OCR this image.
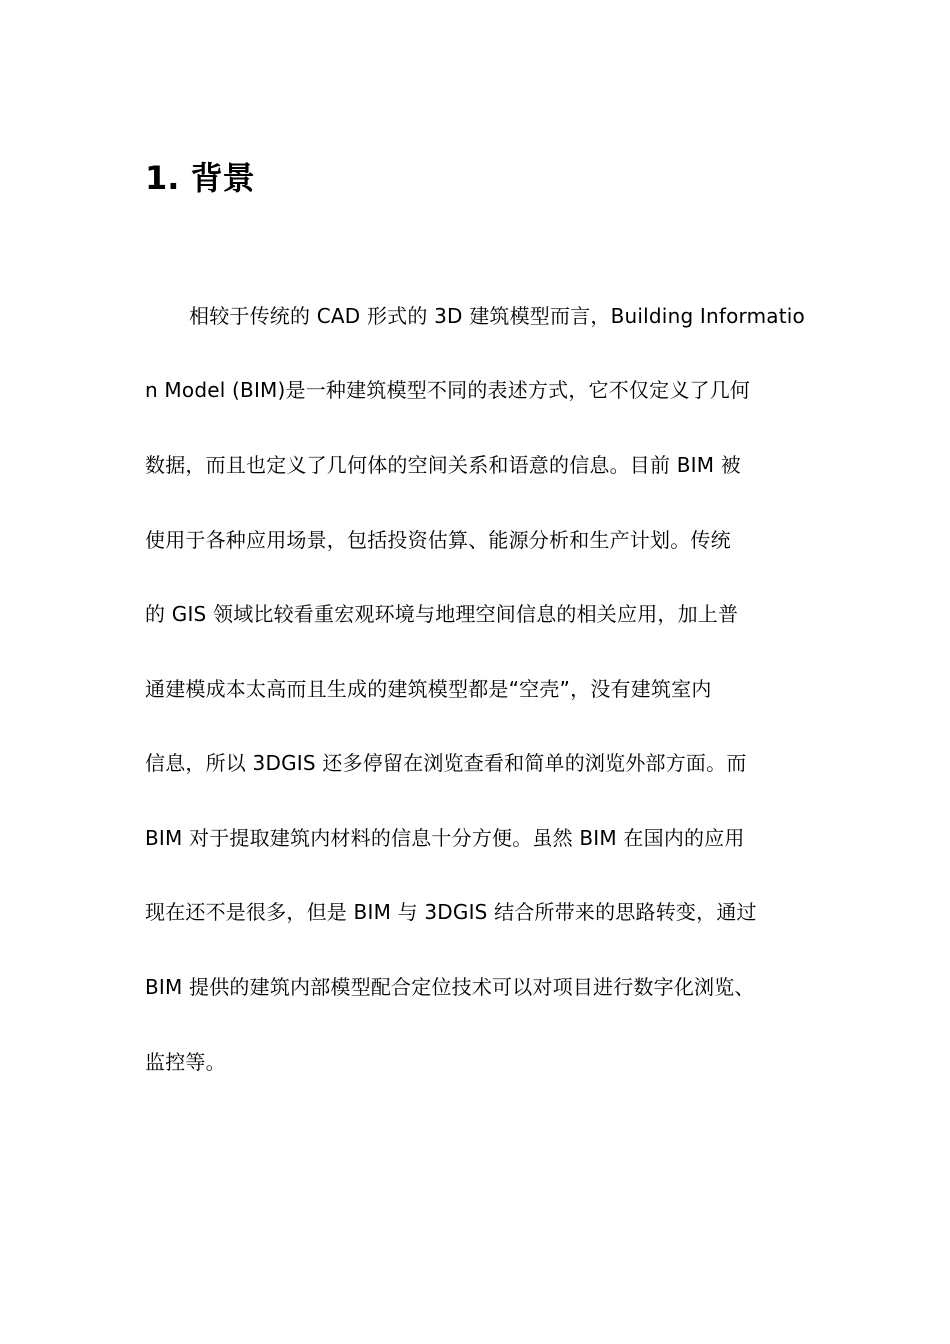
1. 背景
相较于传统的 CAD 形式的 3D 建筑模型而言，Building Informatio
n Model (BIM)是一种建筑模型不同的表述方式，它不仅定义了几何
数据，而且也定义了几何体的空间关系和语意的信息。目前 BIM 被
使用于各种应用场景，包括投资估算、能源分析和生产计划。传统
的 GIS 领域比较看重宏观环境与地理空间信息的相关应用，加上普
通建模成本太高而且生成的建筑模型都是“空壳”，没有建筑室内
信息，所以 3DGIS 还多停留在浏览查看和简单的浏览外部方面。而
BIM 对于提取建筑内材料的信息十分方便。虽然 BIM 在国内的应用
现在还不是很多，但是 BIM 与 3DGIS 结合所带来的思路转变，通过
BIM 提供的建筑内部模型配合定位技术可以对项目进行数字化浏览、
监控等。
